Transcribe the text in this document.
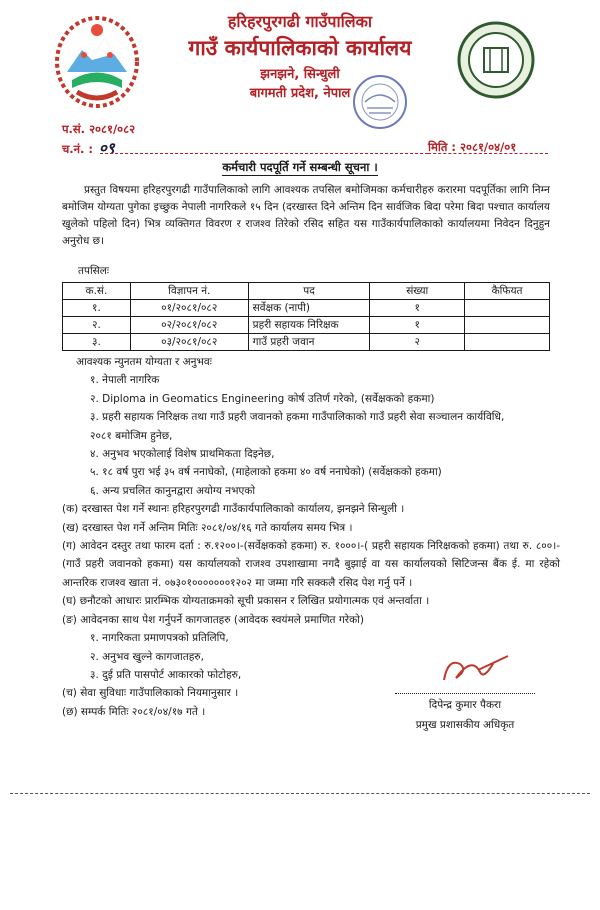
हरिहरपुरगढी गाउँपालिका
गाउँ कार्यपालिकाको कार्यालय
झनझने, सिन्धुली
बागमती प्रदेश, नेपाल
प.सं. २०८१/०८२
च.नं. : ०९	मिति : २०८१/०४/०१
कर्मचारी पदपूर्ति गर्ने सम्बन्धी सूचना ।

प्रस्तुत विषयमा हरिहरपुरगढी गाउँपालिकाको लागि आवश्यक तपसिल बमोजिमका कर्मचारीहरु करारमा पदपूर्तिका लागि निम्न बमोजिम योग्यता पुगेका इच्छुक नेपाली नागरिकले १५ दिन (दरखास्त दिने अन्तिम दिन सार्वजिक बिदा परेमा बिदा पश्चात कार्यालय खुलेको पहिलो दिन) भित्र व्यक्तिगत विवरण र राजश्व तिरेको रसिद सहित यस गाउँकार्यपालिकाको कार्यालयमा निवेदन दिनुहुन अनुरोध छ।

तपसिलः
क.सं.	विज्ञापन नं.	पद	संख्या	कैफियत
१.	०१/२०८१/०८२	सर्वेक्षक (नापी)	१	
२.	०२/२०८१/०८२	प्रहरी सहायक निरिक्षक	१	
३.	०३/२०८१/०८२	गाउँ प्रहरी जवान	२	
आवश्यक न्युनतम योग्यता र अनुभवः
१. नेपाली नागरिक
२. Diploma in Geomatics Engineering कोर्ष उतिर्ण गरेको, (सर्वेक्षकको हकमा)
३. प्रहरी सहायक निरिक्षक तथा गाउँ प्रहरी जवानको हकमा गाउँपालिकाको गाउँ प्रहरी सेवा सञ्चालन कार्यविधि,
२०८१ बमोजिम हुनेछ,
४. अनुभव भएकोलाई विशेष प्राथमिकता दिइनेछ,
५. १८ वर्ष पुरा भई ३५ वर्ष ननाघेको, (माहेलाको हकमा ४० वर्ष ननाघेको) (सर्वेक्षकको हकमा)
६. अन्य प्रचलित कानुनद्वारा अयोग्य नभएको
(क) दरखास्त पेश गर्ने स्थानः हरिहरपुरगढी गाउँकार्यपालिकाको कार्यालय, झनझने सिन्धुली ।
(ख) दरखास्त पेश गर्ने अन्तिम मितिः २०८१/०४/१६ गते कार्यालय समय भित्र ।
(ग) आवेदन दस्तुर तथा फारम दर्ता : रु.१२००।-(सर्वेक्षकको हकमा) रु. १०००।-( प्रहरी सहायक निरिक्षकको हकमा) तथा रु. ८००।-(गाउँ प्रहरी जवानको हकमा) यस कार्यालयको राजश्व उपशाखामा नगदै बुझाई वा यस कार्यालयको सिटिजन्स बैंक ई. मा रहेको आन्तरिक राजश्व खाता नं. ०७३०१०००००००१२०२ मा जम्मा गरि सक्कलै रसिद पेश गर्नु पर्ने ।
(घ) छनौटको आधारः प्रारम्भिक योग्यताक्रमको सूची प्रकासन र लिखित प्रयोगात्मक एवं अन्तर्वाता ।
(ङ) आवेदनका साथ पेश गर्नुपर्ने कागजातहरु (आवेदक स्वयंमले प्रमाणित गरेको)
१. नागरिकता प्रमाणपत्रको प्रतिलिपि,
२. अनुभव खुल्ने कागजातहरु,
३. दुई प्रति पासपोर्ट आकारको फोटोहरु,
(च) सेवा सुविधाः गाउँपालिकाको नियमानुसार ।
(छ) सम्पर्क मितिः २०८१/०४/१७ गते ।
दिपेन्द्र कुमार पैकरा
प्रमुख प्रशासकीय अधिकृत
